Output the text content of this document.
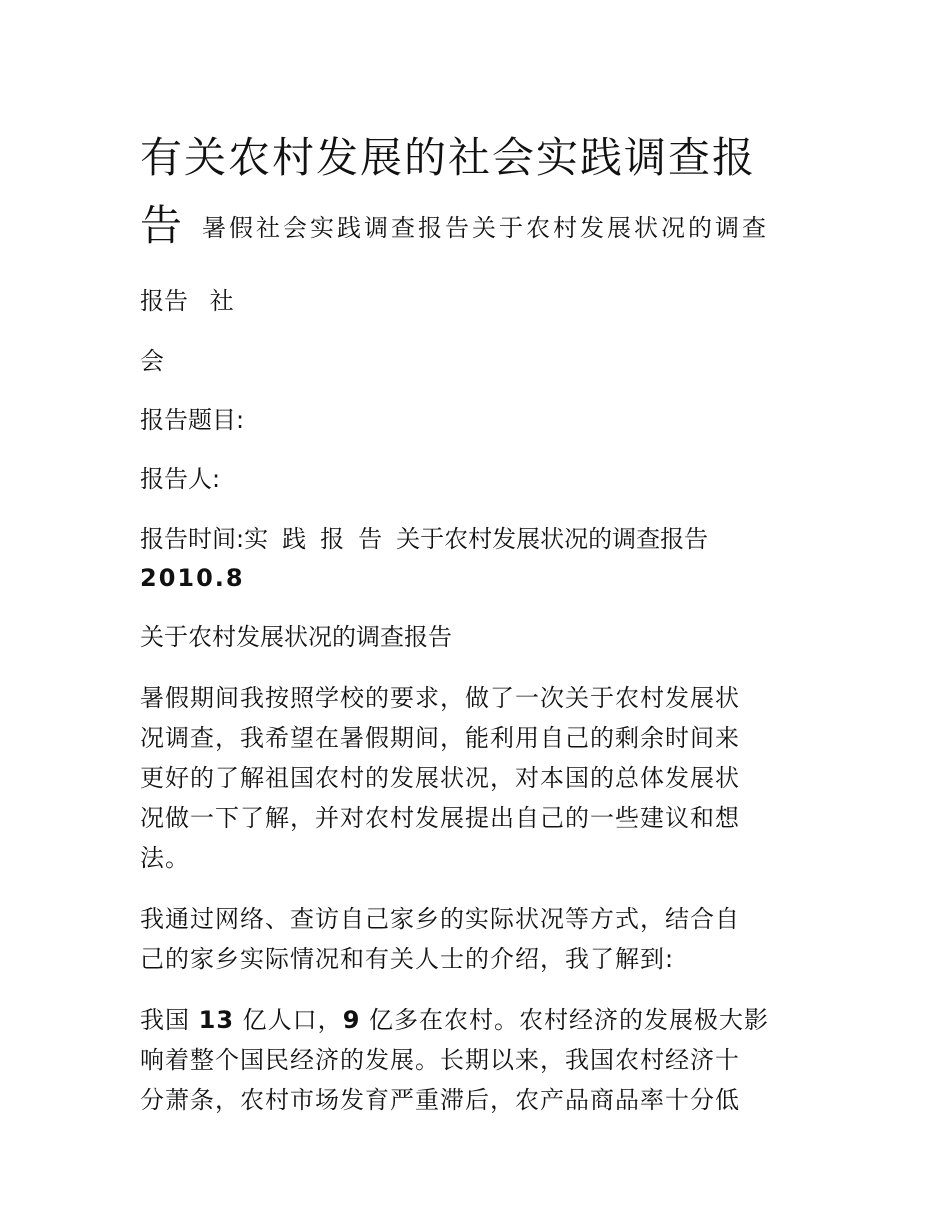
有关农村发展的社会实践调查报
告暑假社会实践调查报告关于农村发展状况的调查
报告 社
会
报告题目:
报告人:
报告时间:实 践 报 告 关于农村发展状况的调查报告
2010.8
关于农村发展状况的调查报告
暑假期间我按照学校的要求，做了一次关于农村发展状
况调查，我希望在暑假期间，能利用自己的剩余时间来
更好的了解祖国农村的发展状况，对本国的总体发展状
况做一下了解，并对农村发展提出自己的一些建议和想
法。
我通过网络、查访自己家乡的实际状况等方式，结合自
己的家乡实际情况和有关人士的介绍，我了解到:
我国 13 亿人口，9 亿多在农村。农村经济的发展极大影
响着整个国民经济的发展。长期以来，我国农村经济十
分萧条，农村市场发育严重滞后，农产品商品率十分低
